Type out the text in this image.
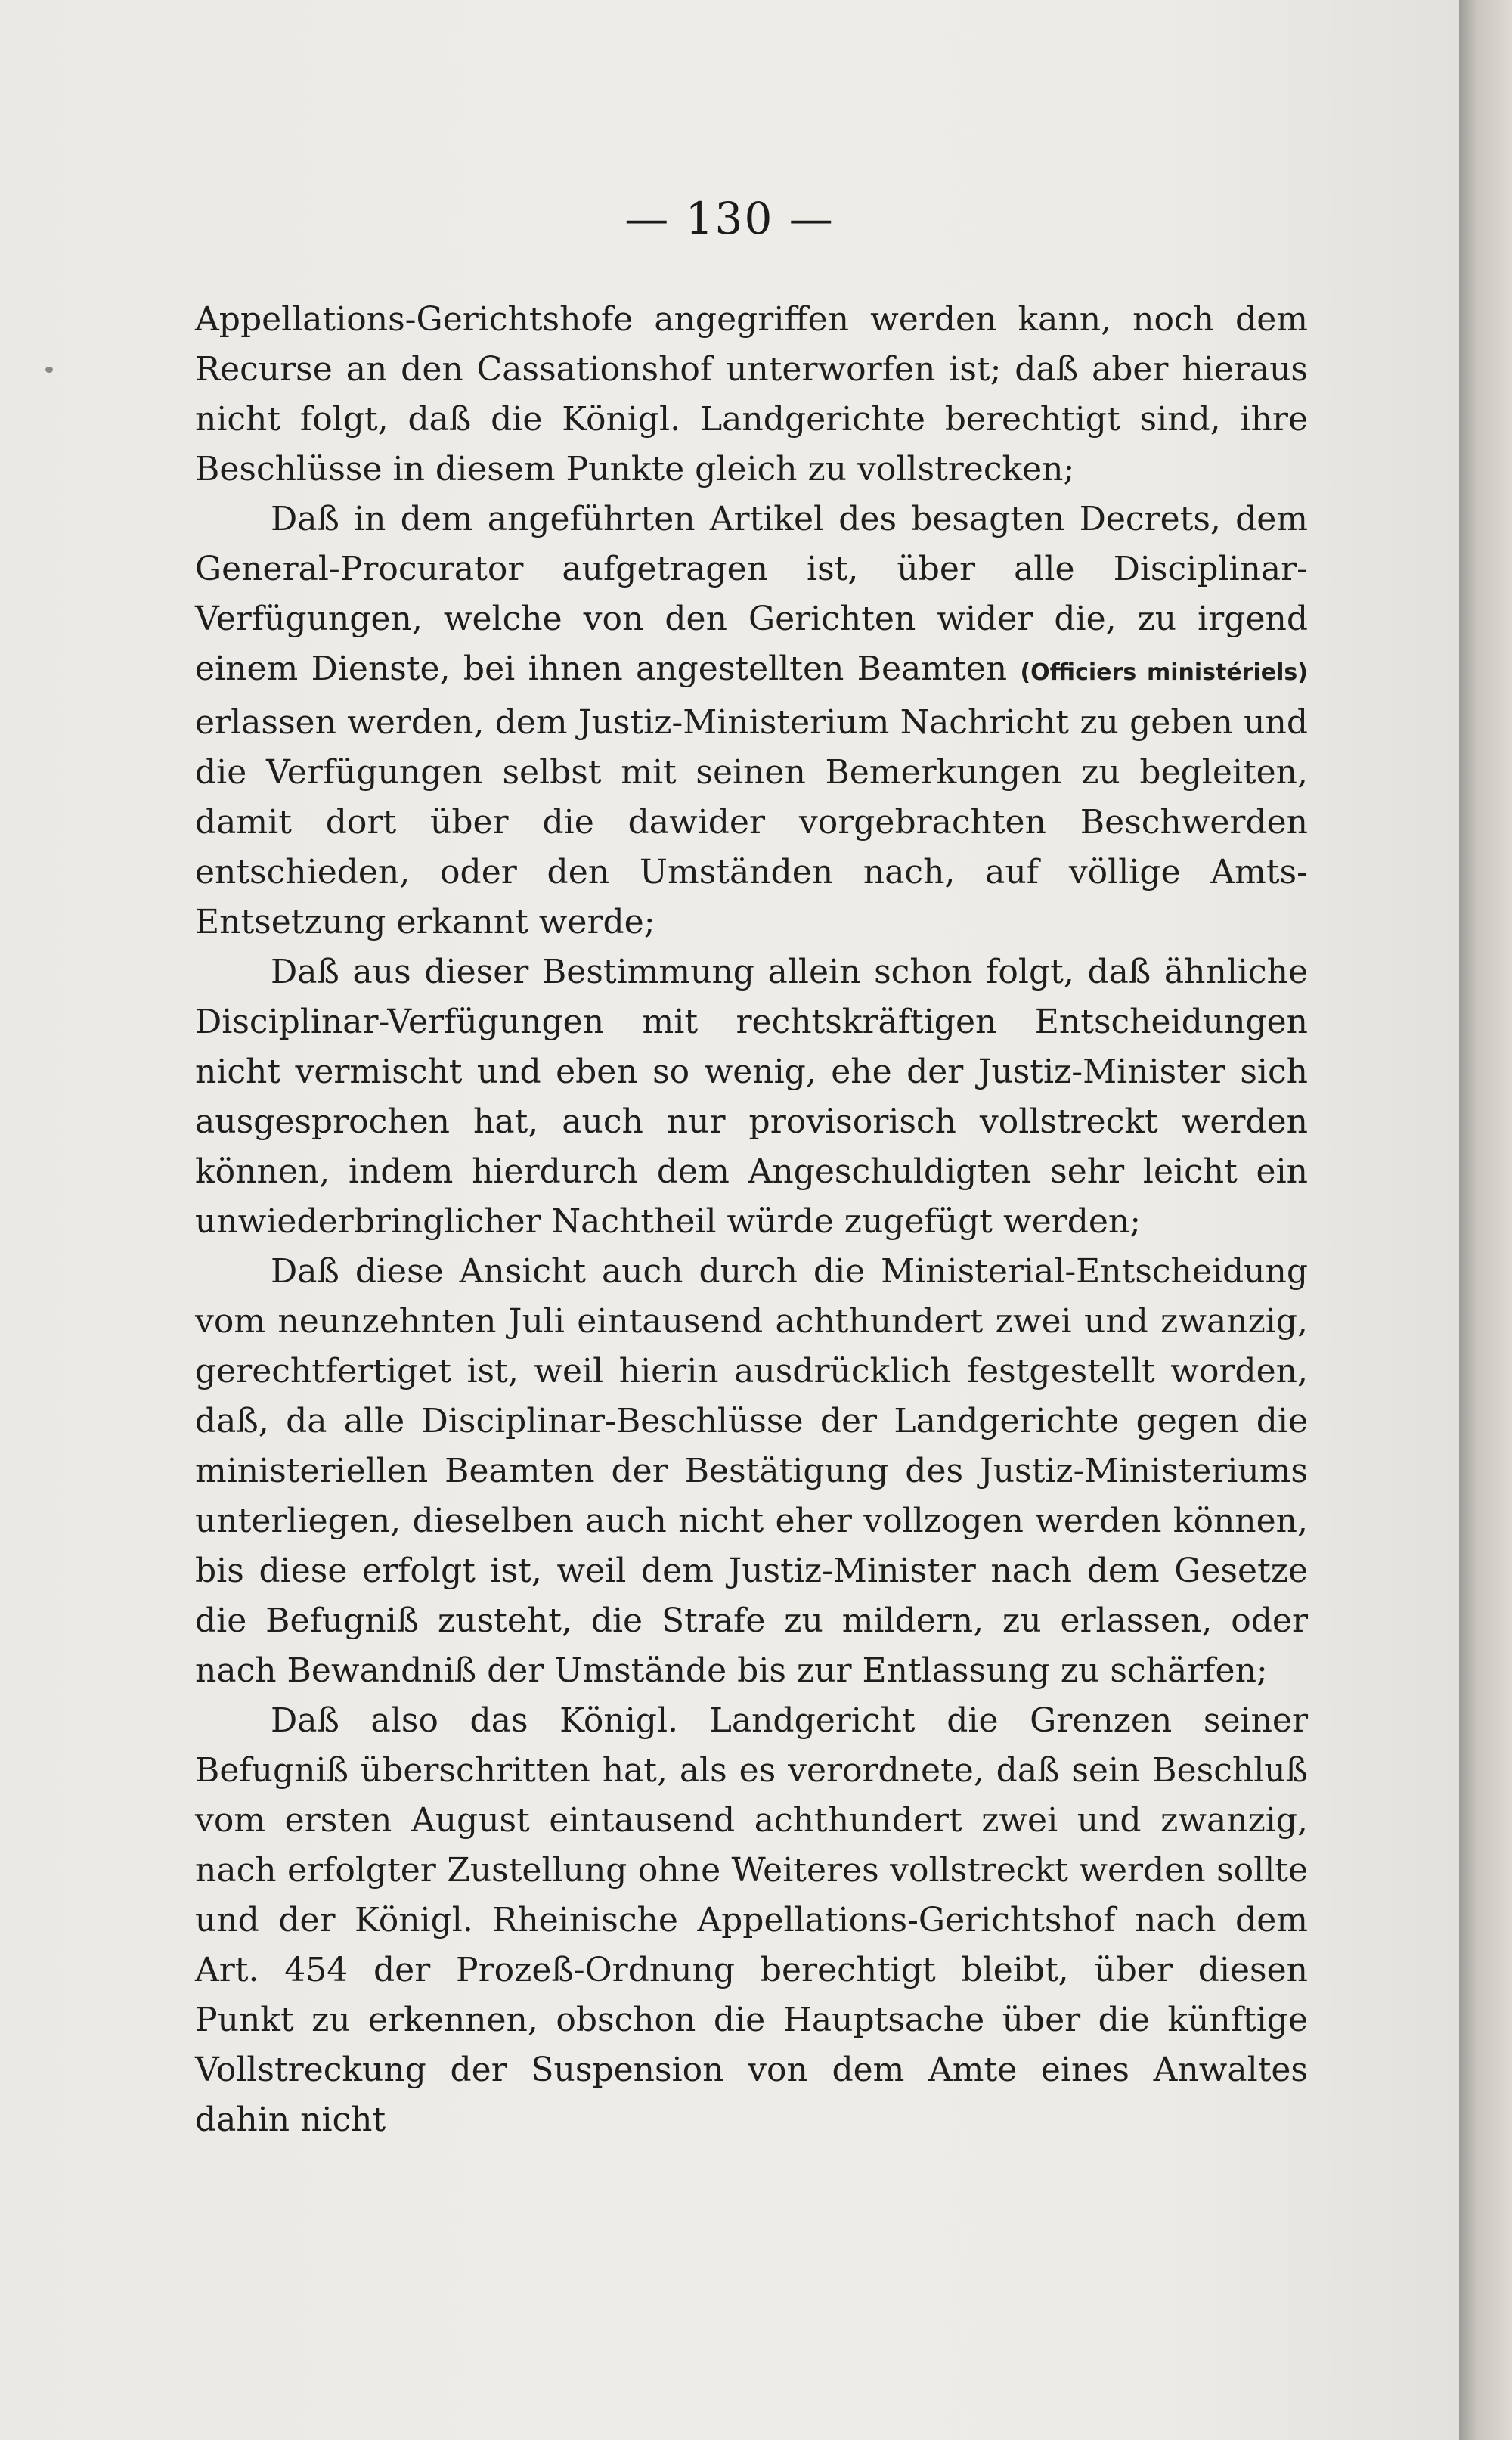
— 130 —

Appellations-Gerichtshofe angegriffen werden kann, noch dem Recurse an den Cassationshof unterworfen ist; daß aber hieraus nicht folgt, daß die Königl. Landgerichte berechtigt sind, ihre Beschlüsse in diesem Punkte gleich zu vollstrecken;

Daß in dem angeführten Artikel des besagten Decrets, dem General-Procurator aufgetragen ist, über alle Disciplinar-Verfügungen, welche von den Gerichten wider die, zu irgend einem Dienste, bei ihnen angestellten Beamten (Officiers ministériels) erlassen werden, dem Justiz-Ministerium Nachricht zu geben und die Verfügungen selbst mit seinen Bemerkungen zu begleiten, damit dort über die dawider vorgebrachten Beschwerden entschieden, oder den Umständen nach, auf völlige Amts-Entsetzung erkannt werde;

Daß aus dieser Bestimmung allein schon folgt, daß ähnliche Disciplinar-Verfügungen mit rechtskräftigen Entscheidungen nicht vermischt und eben so wenig, ehe der Justiz-Minister sich ausgesprochen hat, auch nur provisorisch vollstreckt werden können, indem hierdurch dem Angeschuldigten sehr leicht ein unwiederbringlicher Nachtheil würde zugefügt werden;

Daß diese Ansicht auch durch die Ministerial-Entscheidung vom neunzehnten Juli eintausend achthundert zwei und zwanzig, gerechtfertiget ist, weil hierin ausdrücklich festgestellt worden, daß, da alle Disciplinar-Beschlüsse der Landgerichte gegen die ministeriellen Beamten der Bestätigung des Justiz-Ministeriums unterliegen, dieselben auch nicht eher vollzogen werden können, bis diese erfolgt ist, weil dem Justiz-Minister nach dem Gesetze die Befugniß zusteht, die Strafe zu mildern, zu erlassen, oder nach Bewandniß der Umstände bis zur Entlassung zu schärfen;

Daß also das Königl. Landgericht die Grenzen seiner Befugniß überschritten hat, als es verordnete, daß sein Beschluß vom ersten August eintausend achthundert zwei und zwanzig, nach erfolgter Zustellung ohne Weiteres vollstreckt werden sollte und der Königl. Rheinische Appellations-Gerichtshof nach dem Art. 454 der Prozeß-Ordnung berechtigt bleibt, über diesen Punkt zu erkennen, obschon die Hauptsache über die künftige Vollstreckung der Suspension von dem Amte eines Anwaltes dahin nicht
